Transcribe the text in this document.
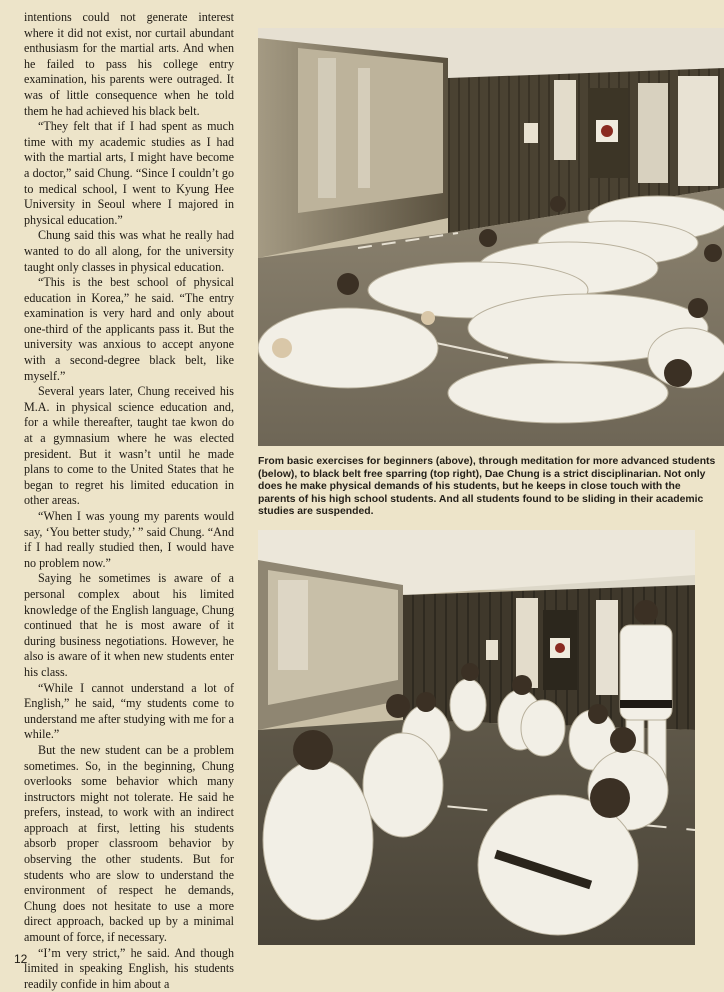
intentions could not generate interest where it did not exist, nor curtail abundant enthusiasm for the martial arts. And when he failed to pass his college entry examination, his parents were outraged. It was of little consequence when he told them he had achieved his black belt.

“They felt that if I had spent as much time with my academic studies as I had with the martial arts, I might have become a doctor,” said Chung. “Since I couldn’t go to medical school, I went to Kyung Hee University in Seoul where I majored in physical education.”

Chung said this was what he really had wanted to do all along, for the university taught only classes in physical education.

“This is the best school of physical education in Korea,” he said. “The entry examination is very hard and only about one-third of the applicants pass it. But the university was anxious to accept anyone with a second-degree black belt, like myself.”

Several years later, Chung received his M.A. in physical science education and, for a while thereafter, taught tae kwon do at a gymnasium where he was elected president. But it wasn’t until he made plans to come to the United States that he began to regret his limited education in other areas.

“When I was young my parents would say, ‘You better study,’ ” said Chung. “And if I had really studied then, I would have no problem now.”

Saying he sometimes is aware of a personal complex about his limited knowledge of the English language, Chung continued that he is most aware of it during business negotiations. However, he also is aware of it when new students enter his class.

“While I cannot understand a lot of English,” he said, “my students come to understand me after studying with me for a while.”

But the new student can be a problem sometimes. So, in the beginning, Chung overlooks some behavior which many instructors might not tolerate. He said he prefers, instead, to work with an indirect approach at first, letting his students absorb proper classroom behavior by observing the other students. But for students who are slow to understand the environment of respect he demands, Chung does not hesitate to use a more direct approach, backed up by a minimal amount of force, if necessary.

“I’m very strict,” he said. And though limited in speaking English, his students readily confide in him about a

From basic exercises for beginners (above), through meditation for more advanced students (below), to black belt free sparring (top right), Dae Chung is a strict disciplinarian. Not only does he make physical demands of his students, but he keeps in close touch with the parents of his high school students. And all students found to be sliding in their academic studies are suspended.
12
